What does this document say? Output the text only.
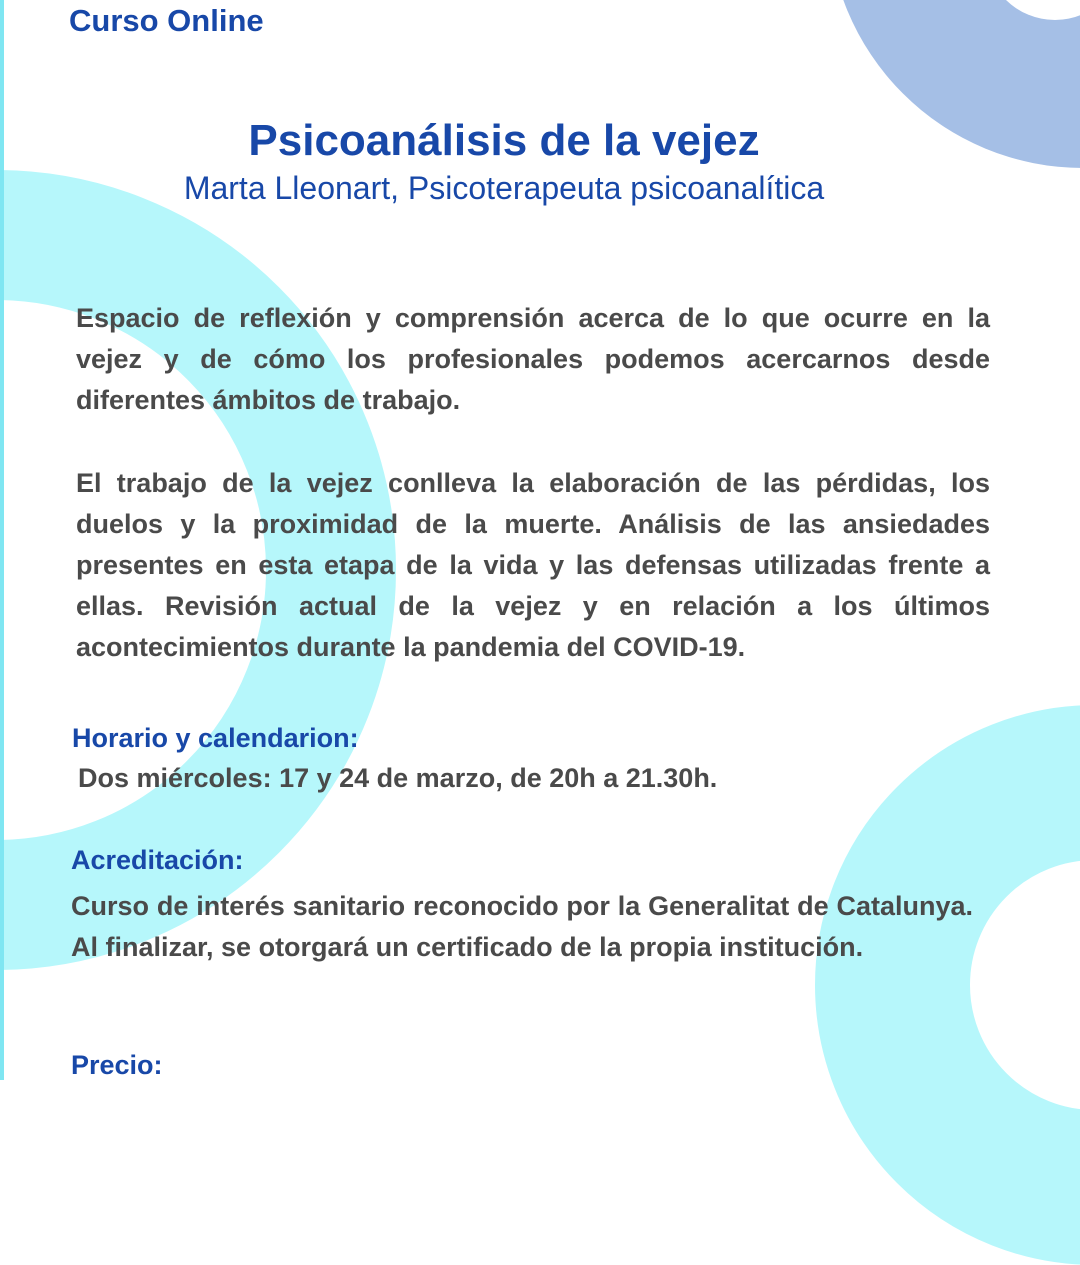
Curso Online

Psicoanálisis de la vejez
Marta Lleonart, Psicoterapeuta psicoanalítica

Espacio de reflexión y comprensión acerca de lo que ocurre en la vejez y de cómo los profesionales podemos acercarnos desde diferentes ámbitos de trabajo.

El trabajo de la vejez conlleva la elaboración de las pérdidas, los duelos y la proximidad de la muerte. Análisis de las ansiedades presentes en esta etapa de la vida y las defensas utilizadas frente a ellas. Revisión actual de la vejez y en relación a los últimos acontecimientos durante la pandemia del COVID-19.

Horario y calendarion:

Dos miércoles: 17 y 24 de marzo, de 20h a 21.30h.

Acreditación:

Curso de interés sanitario reconocido por la Generalitat de Catalunya. Al finalizar, se otorgará un certificado de la propia institución.

Precio:
